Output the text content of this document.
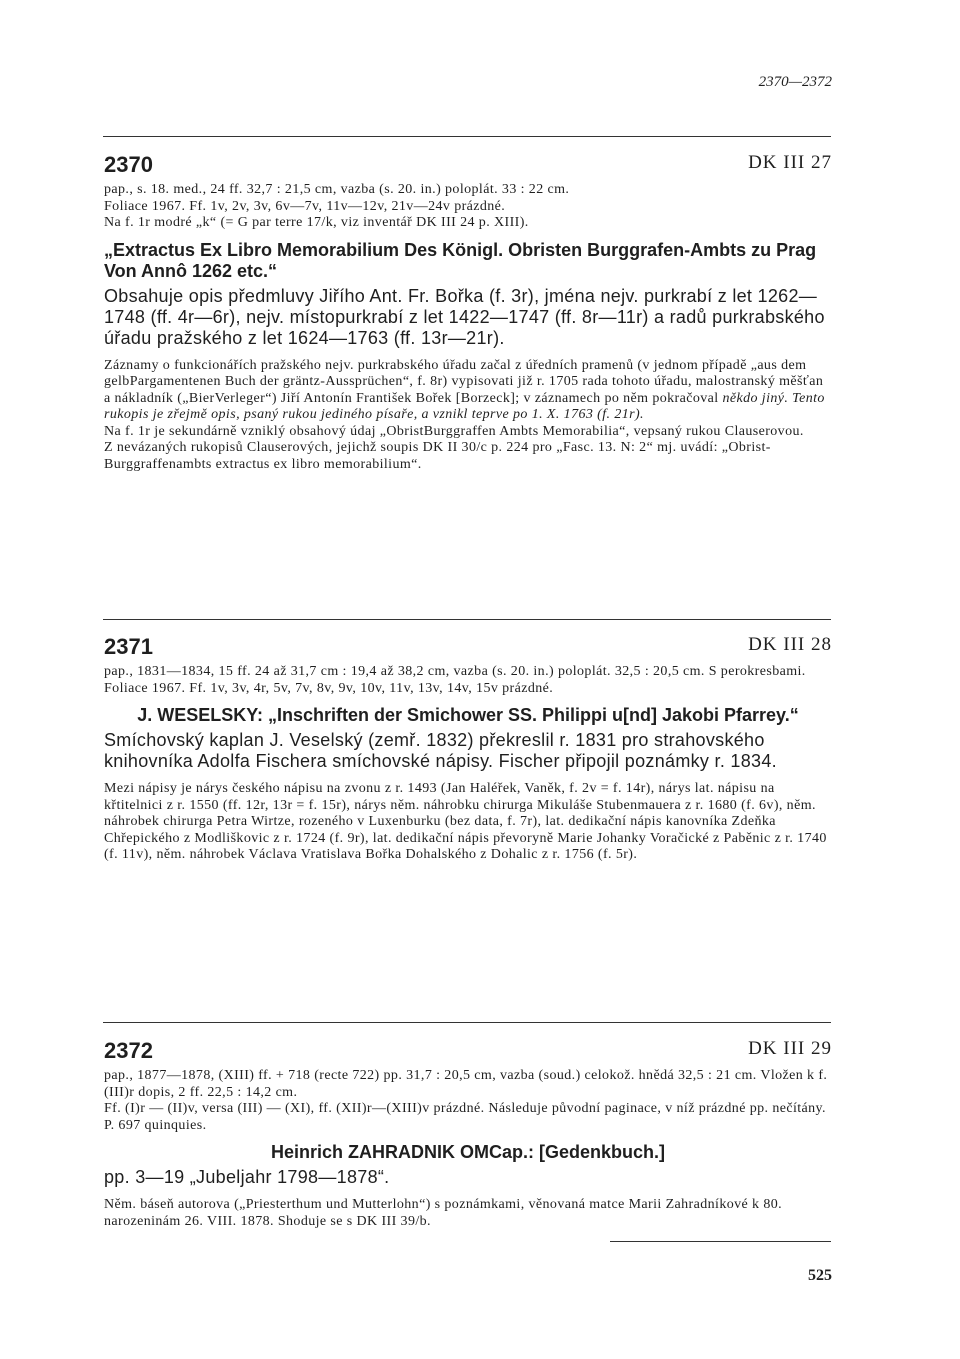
2370—2372
2370	DK III 27

pap., s. 18. med., 24 ff. 32,7 : 21,5 cm, vazba (s. 20. in.) poloplát. 33 : 22 cm.

Foliace 1967. Ff. 1v, 2v, 3v, 6v—7v, 11v—12v, 21v—24v prázdné.

Na f. 1r modré „k“ (= G par terre 17/k, viz inventář DK III 24 p. XIII).

„Extractus Ex Libro Memorabilium Des Königl. Obristen Burggrafen-Ambts zu Prag Von Annô 1262 etc.“

Obsahuje opis předmluvy Jiřího Ant. Fr. Bořka (f. 3r), jména nejv. purkrabí z let 1262—1748 (ff. 4r—6r), nejv. místopurkrabí z let 1422—1747 (ff. 8r—11r) a radů purkrabského úřadu pražského z let 1624—1763 (ff. 13r—21r).

Záznamy o funkcionářích pražského nejv. purkrabského úřadu začal z úředních pramenů (v jednom případě „aus dem gelbPargamentenen Buch der gräntz-Aussprüchen“, f. 8r) vypisovati již r. 1705 rada tohoto úřadu, malostranský měšťan a nákladník („BierVerleger“) Jiří Antonín František Bořek [Borzeck]; v záznamech po něm pokračoval někdo jiný. Tento rukopis je zřejmě opis, psaný rukou jediného písaře, a vznikl teprve po 1. X. 1763 (f. 21r).

Na f. 1r je sekundárně vzniklý obsahový údaj „ObristBurggraffen Ambts Memorabilia“, vepsaný rukou Clauserovou.

Z nevázaných rukopisů Clauserových, jejichž soupis DK II 30/c p. 224 pro „Fasc. 13. N: 2“ mj. uvádí: „Obrist-Burggraffenambts extractus ex libro memorabilium“.

2371	DK III 28

pap., 1831—1834, 15 ff. 24 až 31,7 cm : 19,4 až 38,2 cm, vazba (s. 20. in.) poloplát. 32,5 : 20,5 cm. S perokresbami.

Foliace 1967. Ff. 1v, 3v, 4r, 5v, 7v, 8v, 9v, 10v, 11v, 13v, 14v, 15v prázdné.

J. WESELSKY: „Inschriften der Smichower SS. Philippi u[nd] Jakobi Pfarrey.“

Smíchovský kaplan J. Veselský (zemř. 1832) překreslil r. 1831 pro strahovského knihovníka Adolfa Fischera smíchovské nápisy. Fischer připojil poznámky r. 1834.

Mezi nápisy je nárys českého nápisu na zvonu z r. 1493 (Jan Haléřek, Vaněk, f. 2v = f. 14r), nárys lat. nápisu na křtitelnici z r. 1550 (ff. 12r, 13r = f. 15r), nárys něm. náhrobku chirurga Mikuláše Stubenmauera z r. 1680 (f. 6v), něm. náhrobek chirurga Petra Wirtze, rozeného v Luxenburku (bez data, f. 7r), lat. dedikační nápis kanovníka Zdeňka Chřepického z Modliškovic z r. 1724 (f. 9r), lat. dedikační nápis převoryně Marie Johanky Voračické z Paběnic z r. 1740 (f. 11v), něm. náhrobek Václava Vratislava Bořka Dohalského z Dohalic z r. 1756 (f. 5r).

2372	DK III 29

pap., 1877—1878, (XIII) ff. + 718 (recte 722) pp. 31,7 : 20,5 cm, vazba (soud.) celokož. hnědá 32,5 : 21 cm. Vložen k f. (III)r dopis, 2 ff. 22,5 : 14,2 cm.

Ff. (I)r — (II)v, versa (III) — (XI), ff. (XII)r—(XIII)v prázdné. Následuje původní paginace, v níž prázdné pp. nečítány. P. 697 quinquies.

Heinrich ZAHRADNIK OMCap.: [Gedenkbuch.]

pp. 3—19 „Jubeljahr 1798—1878“.

Něm. báseň autorova („Priesterthum und Mutterlohn“) s poznámkami, věnovaná matce Marii Zahradníkové k 80. narozeninám 26. VIII. 1878. Shoduje se s DK III 39/b.

525
